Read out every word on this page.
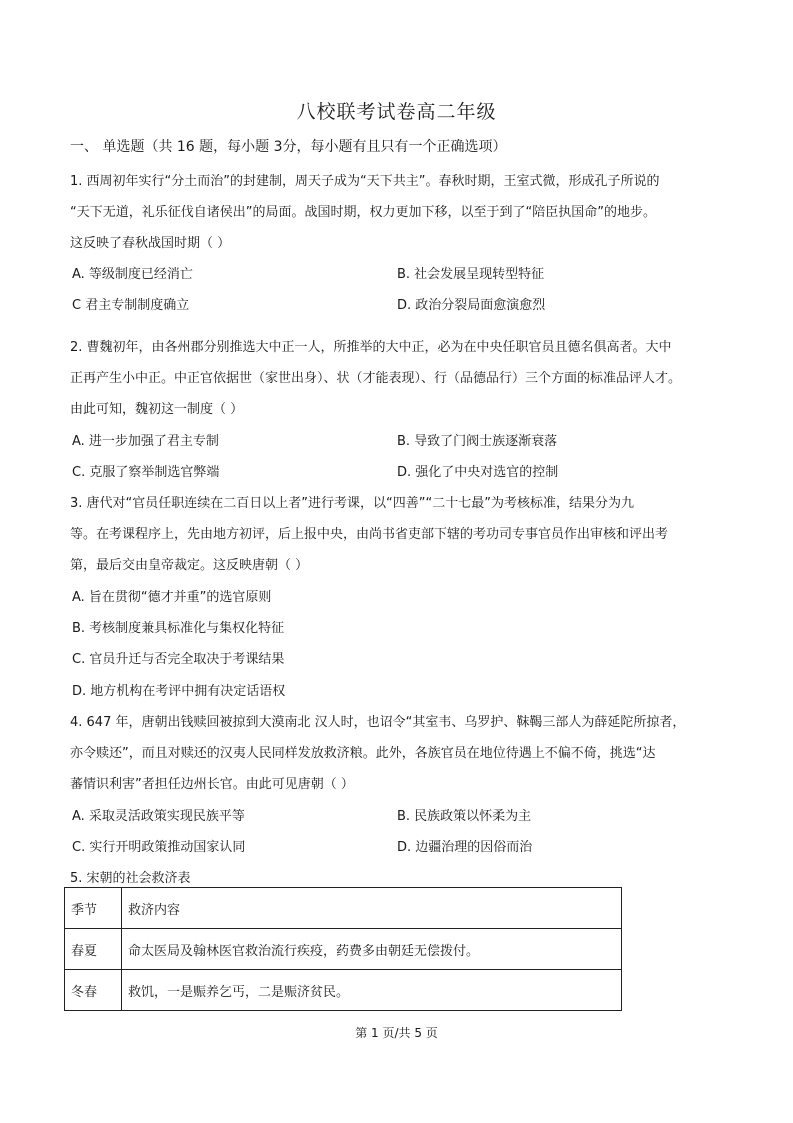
八校联考试卷高二年级
一、 单选题（共 16 题，每小题 3分，每小题有且只有一个正确选项）
1. 西周初年实行“分土而治”的封建制，周天子成为“天下共主”。春秋时期，王室式微，形成孔子所说的
“天下无道，礼乐征伐自诸侯出”的局面。战国时期，权力更加下移，以至于到了“陪臣执国命”的地步。
这反映了春秋战国时期（ ）
A. 等级制度已经消亡	B. 社会发展呈现转型特征
C 君主专制制度确立	D. 政治分裂局面愈演愈烈
2. 曹魏初年，由各州郡分别推选大中正一人，所推举的大中正，必为在中央任职官员且德名俱高者。大中
正再产生小中正。中正官依据世（家世出身）、状（才能表现）、行（品德品行）三个方面的标准品评人才。
由此可知，魏初这一制度（ ）
A. 进一步加强了君主专制	B. 导致了门阀士族逐渐衰落
C. 克服了察举制选官弊端	D. 强化了中央对选官的控制
3. 唐代对“官员任职连续在二百日以上者”进行考课，以“四善”“二十七最”为考核标准，结果分为九
等。在考课程序上，先由地方初评，后上报中央，由尚书省吏部下辖的考功司专事官员作出审核和评出考
第，最后交由皇帝裁定。这反映唐朝（ ）
A. 旨在贯彻“德才并重”的选官原则
B. 考核制度兼具标准化与集权化特征
C. 官员升迁与否完全取决于考课结果
D. 地方机构在考评中拥有决定话语权
4. 647 年，唐朝出钱赎回被掠到大漠南北 汉人时，也诏令“其室韦、乌罗护、靺鞨三部人为薛延陀所掠者，
亦令赎还”，而且对赎还的汉夷人民同样发放救济粮。此外，各族官员在地位待遇上不偏不倚，挑选“达
蕃情识利害”者担任边州长官。由此可见唐朝（ ）
A. 采取灵活政策实现民族平等	B. 民族政策以怀柔为主
C. 实行开明政策推动国家认同	D. 边疆治理的因俗而治
5. 宋朝的社会救济表
季节	救济内容
春夏	命太医局及翰林医官救治流行疾疫，药费多由朝廷无偿拨付。
冬春	救饥，一是赈养乞丐，二是赈济贫民。
第 1 页/共 5 页
